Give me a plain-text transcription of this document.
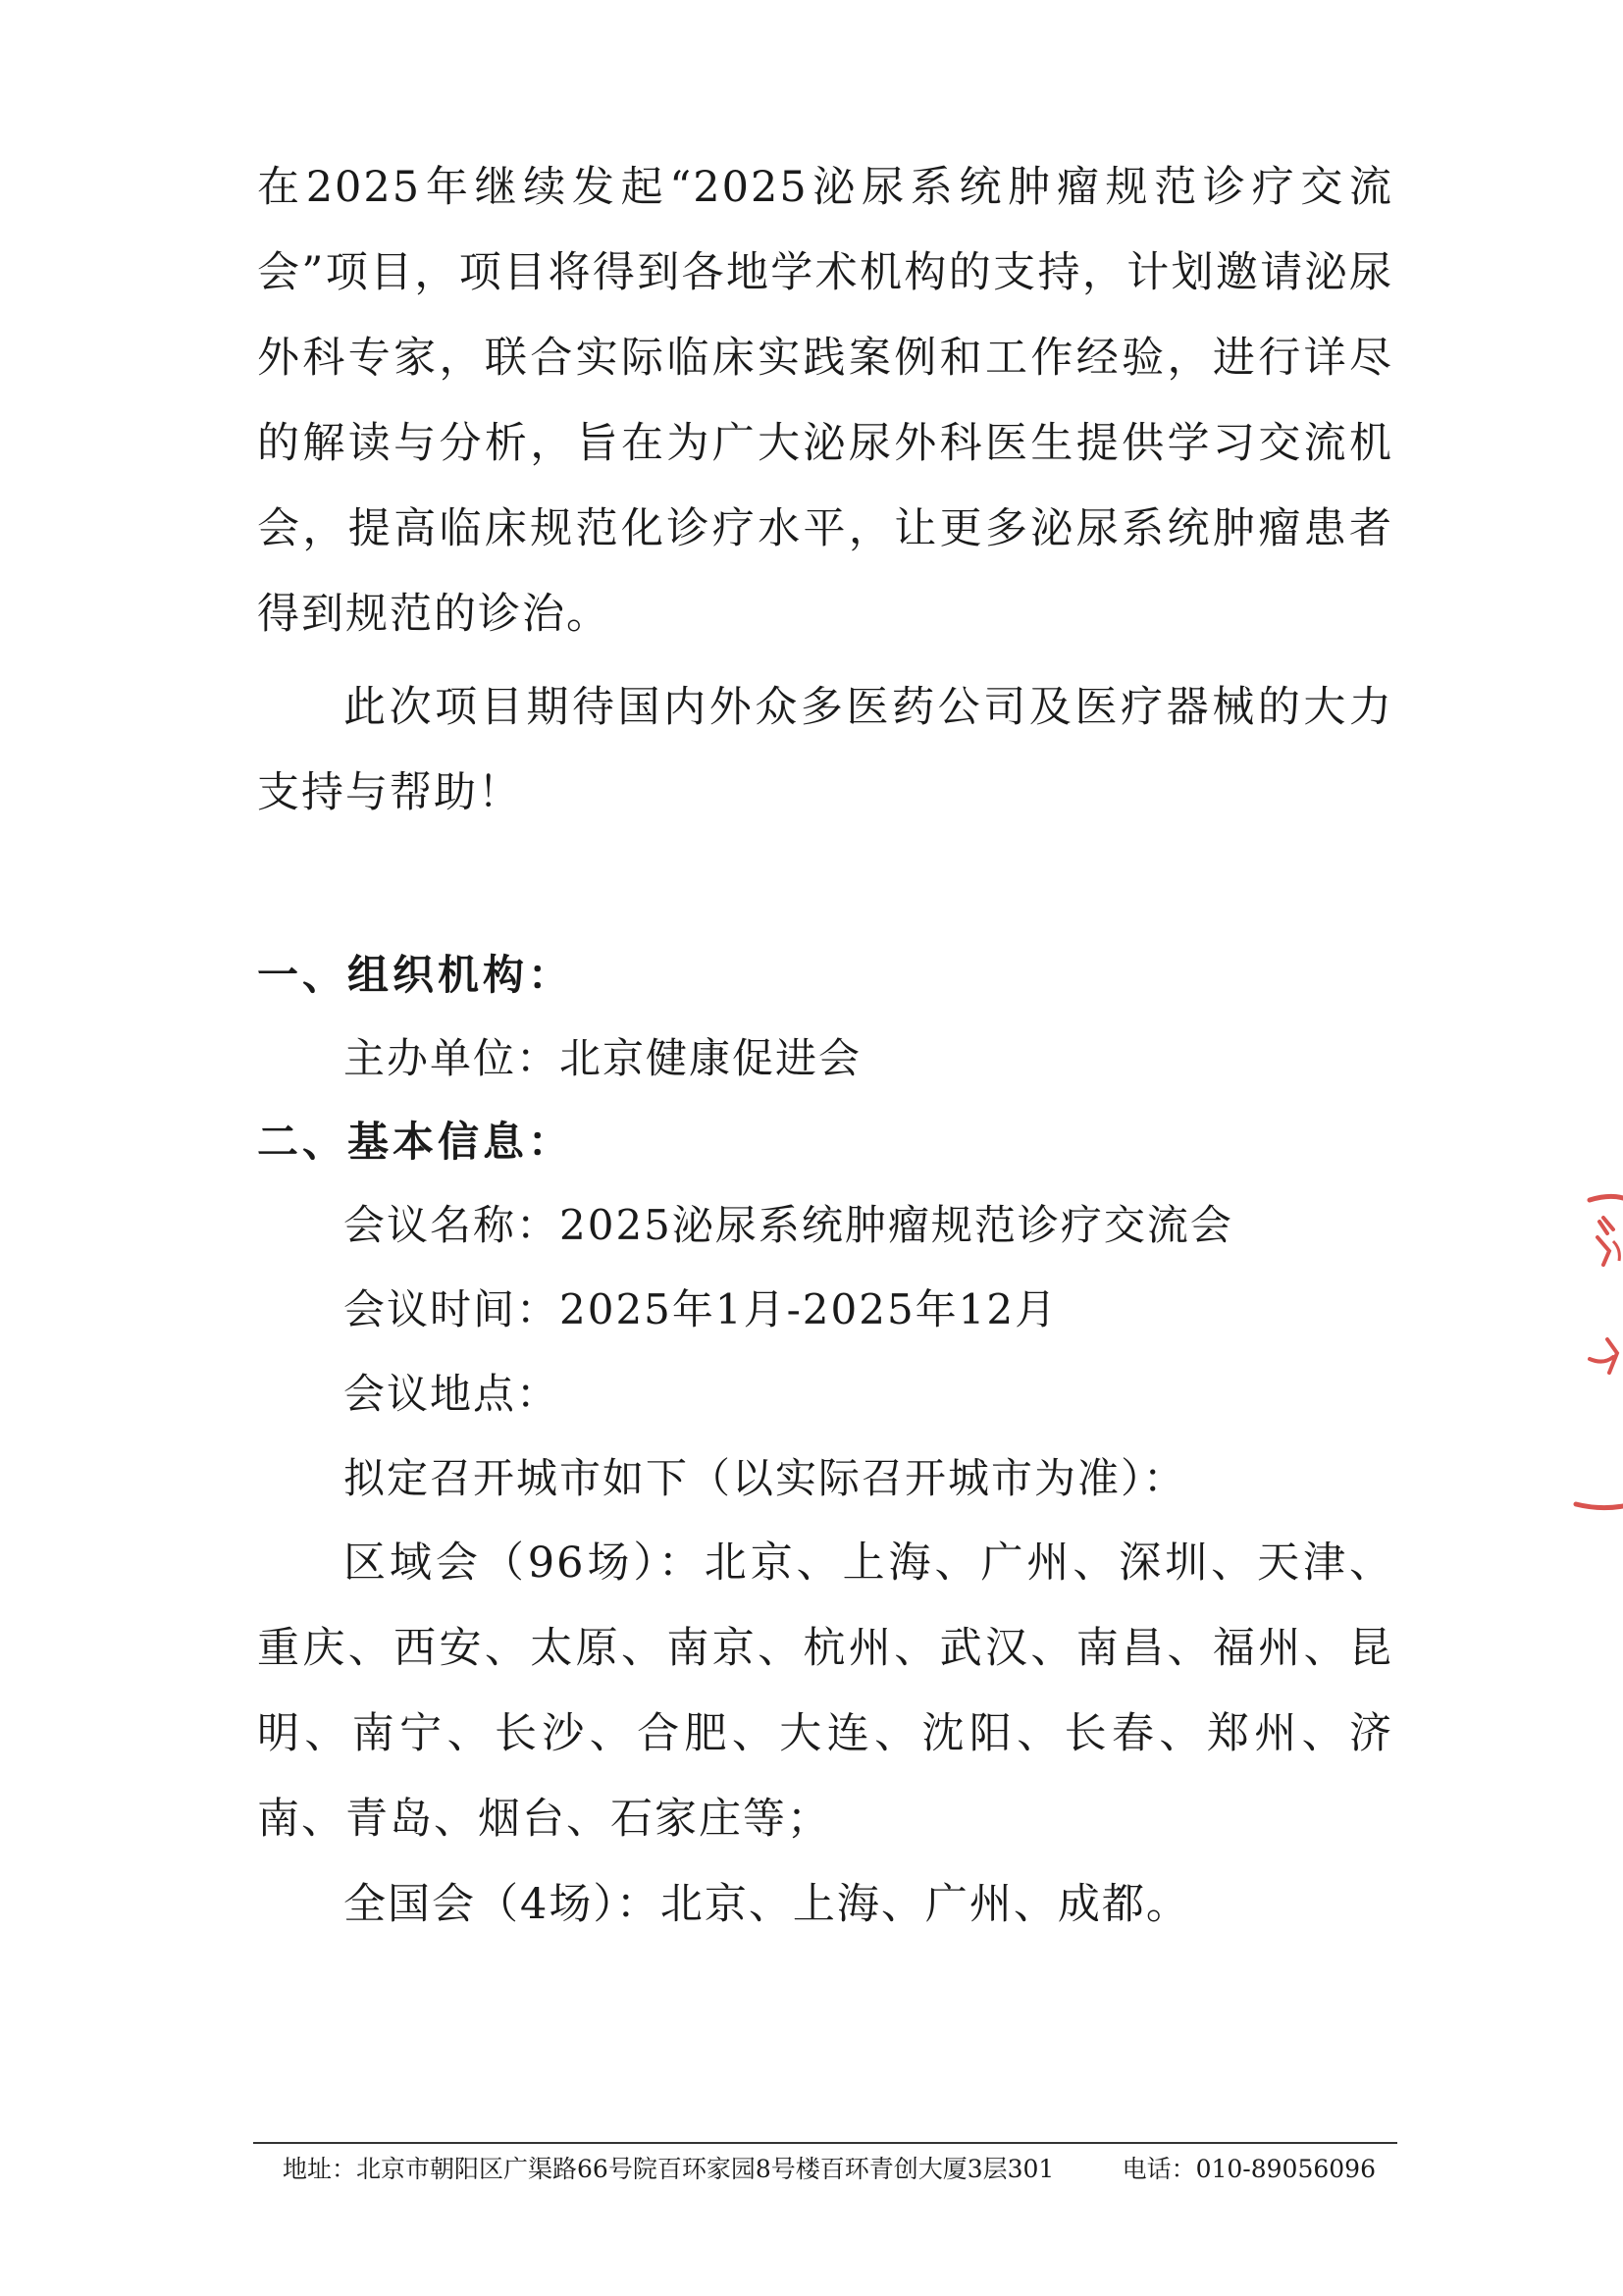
在2025年继续发起“2025泌尿系统肿瘤规范诊疗交流会”项目，项目将得到各地学术机构的支持，计划邀请泌尿外科专家，联合实际临床实践案例和工作经验，进行详尽的解读与分析，旨在为广大泌尿外科医生提供学习交流机会，提高临床规范化诊疗水平，让更多泌尿系统肿瘤患者得到规范的诊治。

此次项目期待国内外众多医药公司及医疗器械的大力支持与帮助！

一、组织机构：

主办单位：北京健康促进会

二、基本信息：

会议名称：2025泌尿系统肿瘤规范诊疗交流会

会议时间：2025年1月-2025年12月

会议地点：

拟定召开城市如下（以实际召开城市为准）：

区域会（96场）：北京、上海、广州、深圳、天津、重庆、西安、太原、南京、杭州、武汉、南昌、福州、昆明、南宁、长沙、合肥、大连、沈阳、长春、郑州、济南、青岛、烟台、石家庄等；

全国会（4场）：北京、上海、广州、成都。

地址：北京市朝阳区广渠路66号院百环家园8号楼百环青创大厦3层301	电话：010-89056096
